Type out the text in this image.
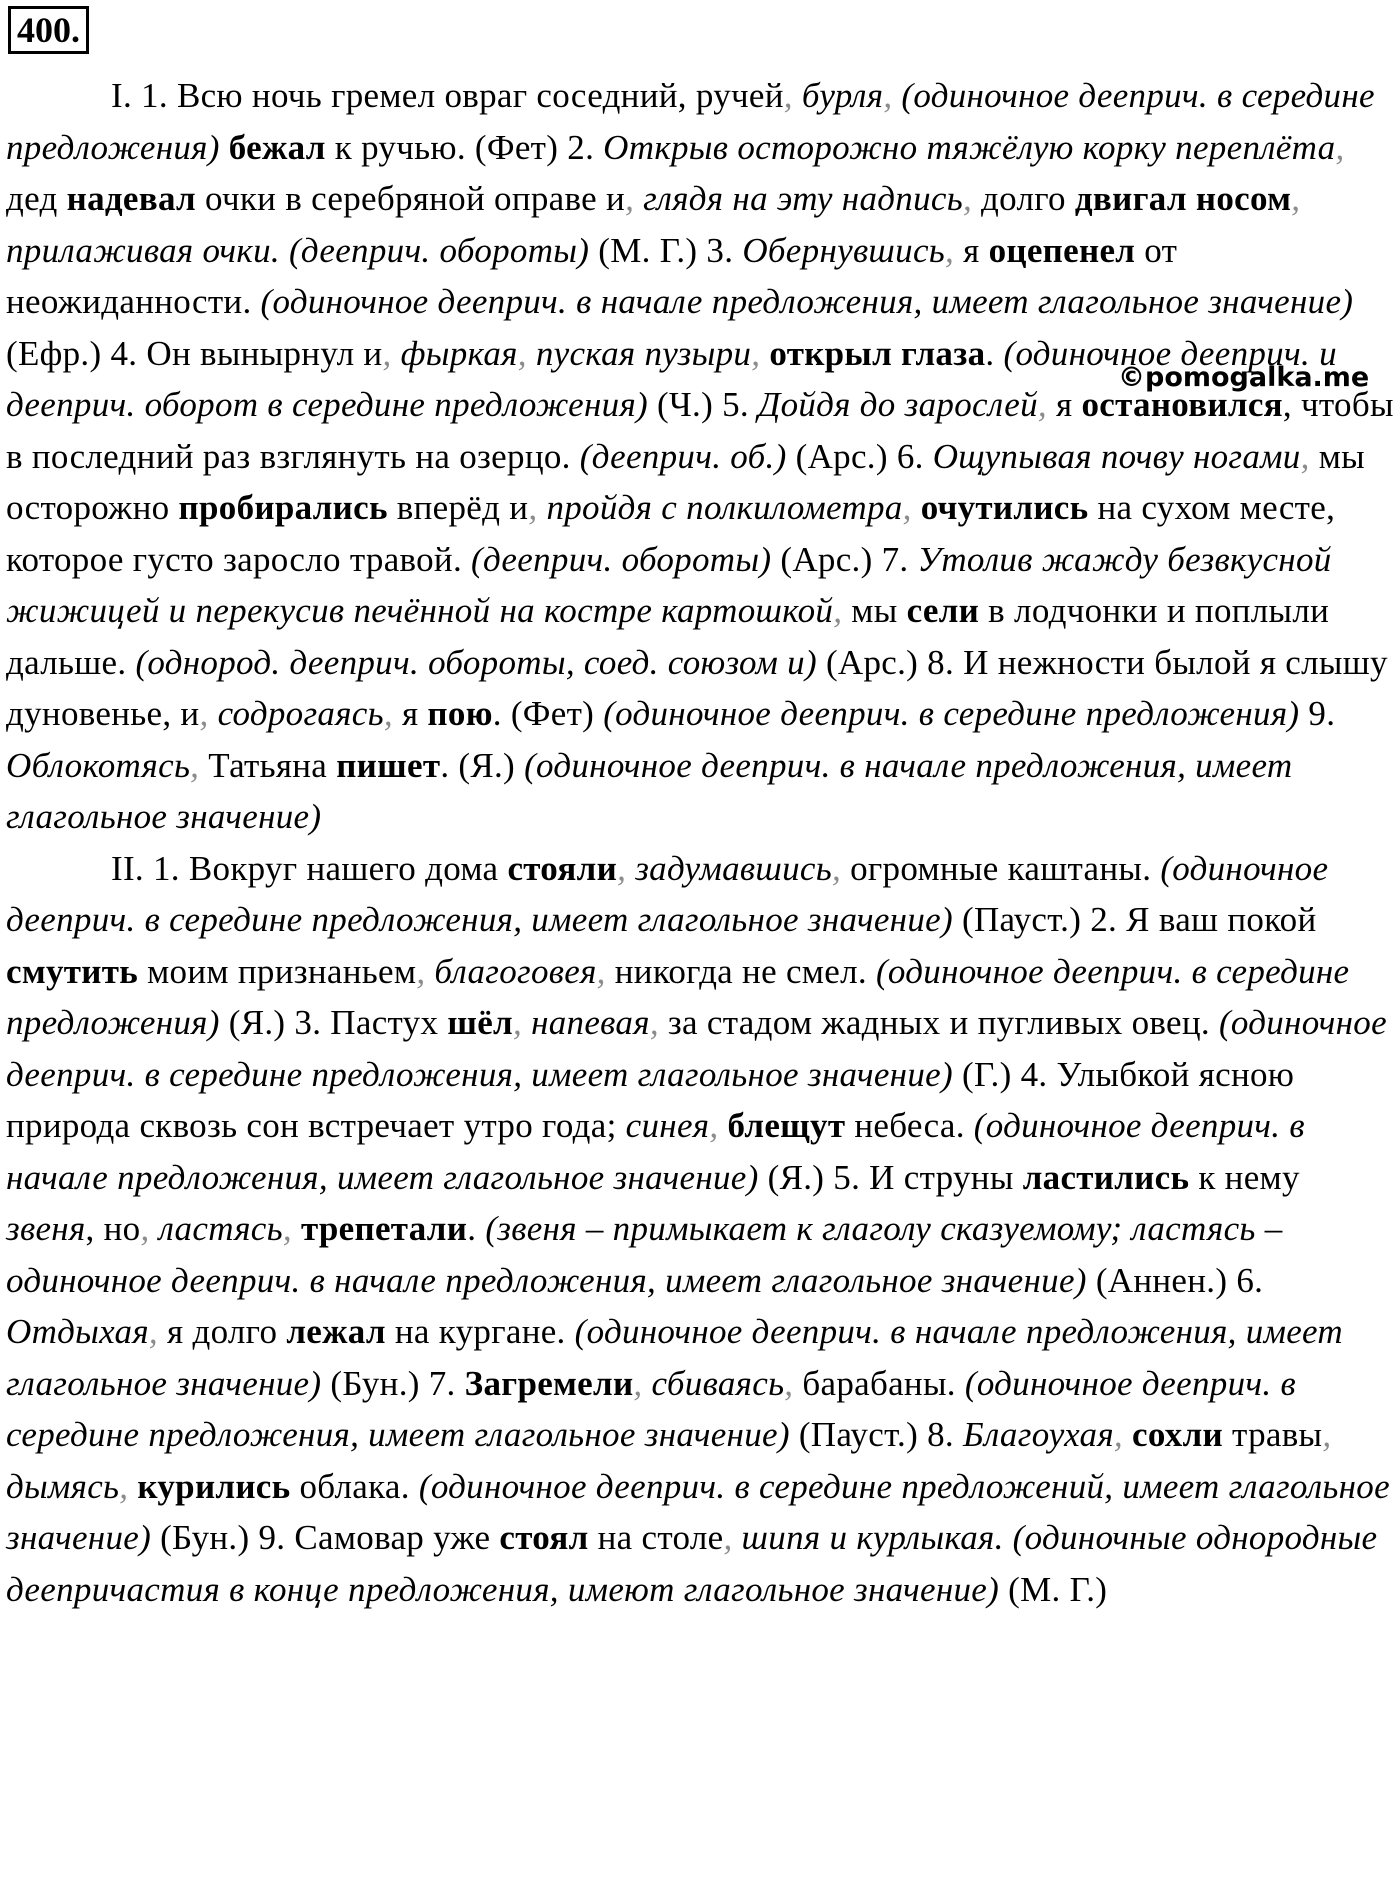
400.

I. 1. Всю ночь гремел овраг соседний, ручей, бурля, (одиночное дееприч. в середине предложения) бежал к ручью. (Фет) 2. Открыв осторожно тяжёлую корку переплёта, дед надевал очки в серебряной оправе и, глядя на эту надпись, долго двигал носом, прилаживая очки. (дееприч. обороты) (М. Г.) 3. Обернувшись, я оцепенел от неожиданности. (одиночное дееприч. в начале предложения, имеет глагольное значение) (Ефр.) 4. Он вынырнул и, фыркая, пуская пузыри, открыл глаза. (одиночное дееприч. и дееприч. оборот в середине предложения) (Ч.) 5. Дойдя до зарослей, я остановился, чтобы в последний раз взглянуть на озерцо. (дееприч. об.) (Арс.) 6. Ощупывая почву ногами, мы осторожно пробирались вперёд и, пройдя с полкилометра, очутились на сухом месте, которое густо заросло травой. (дееприч. обороты) (Арс.) 7. Утолив жажду безвкусной жижицей и перекусив печённой на костре картошкой, мы сели в лодчонки и поплыли дальше. (однород. дееприч. обороты, соед. союзом и) (Арс.) 8. И нежности былой я слышу дуновенье, и, содрогаясь, я пою. (Фет) (одиночное дееприч. в середине предложения) 9. Облокотясь, Татьяна пишет. (Я.) (одиночное дееприч. в начале предложения, имеет глагольное значение)

II. 1. Вокруг нашего дома стояли, задумавшись, огромные каштаны. (одиночное дееприч. в середине предложения, имеет глагольное значение) (Пауст.) 2. Я ваш покой смутить моим признаньем, благоговея, никогда не смел. (одиночное дееприч. в середине предложения) (Я.) 3. Пастух шёл, напевая, за стадом жадных и пугливых овец. (одиночное дееприч. в середине предложения, имеет глагольное значение) (Г.) 4. Улыбкой ясною природа сквозь сон встречает утро года; синея, блещут небеса. (одиночное дееприч. в начале предложения, имеет глагольное значение) (Я.) 5. И струны ластились к нему звеня, но, ластясь, трепетали. (звеня – примыкает к глаголу сказуемому; ластясь – одиночное дееприч. в начале предложения, имеет глагольное значение) (Аннен.) 6. Отдыхая, я долго лежал на кургане. (одиночное дееприч. в начале предложения, имеет глагольное значение) (Бун.) 7. Загремели, сбиваясь, барабаны. (одиночное дееприч. в середине предложения, имеет глагольное значение) (Пауст.) 8. Благоухая, сохли травы, дымясь, курились облака. (одиночное дееприч. в середине предложений, имеет глагольное значение) (Бун.) 9. Самовар уже стоял на столе, шипя и курлыкая. (одиночные однородные деепричастия в конце предложения, имеют глагольное значение) (М. Г.)

©pomogalka.me
